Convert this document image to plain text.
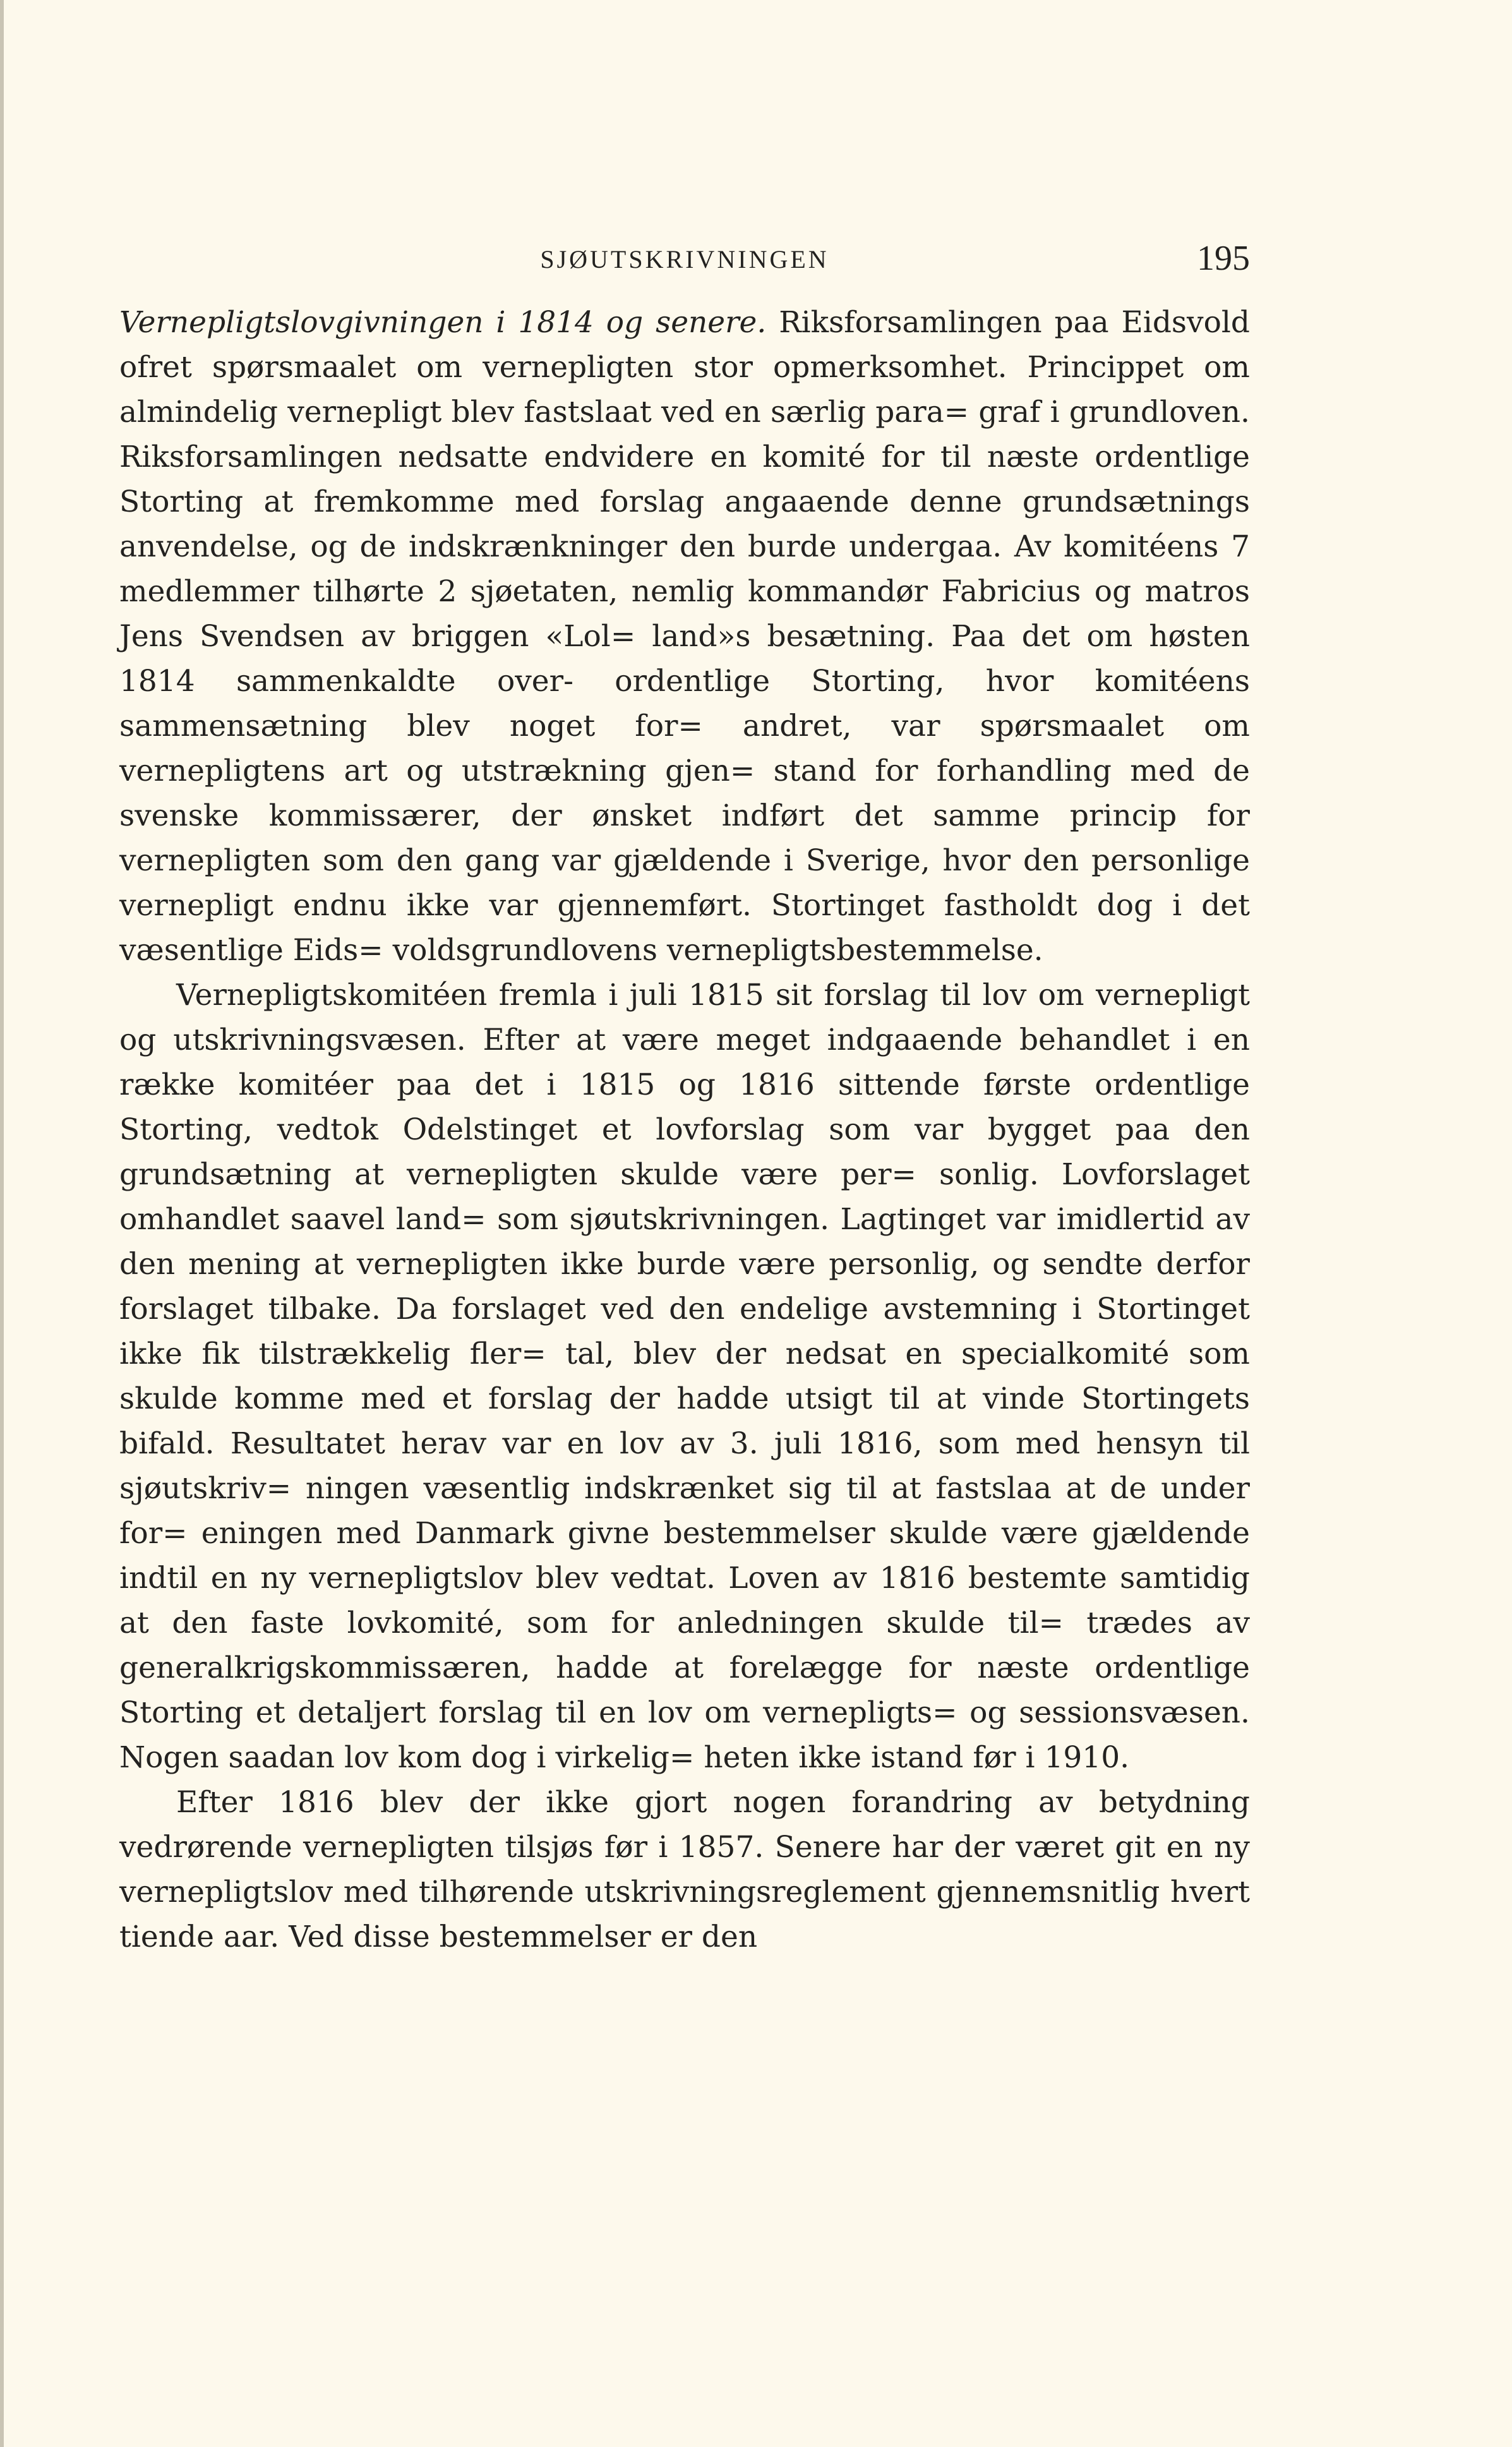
SJØUTSKRIVNINGEN	195

Vernepligtslovgivningen i 1814 og senere. Riksforsamlingen paa Eidsvold ofret spørsmaalet om vernepligten stor opmerksomhet. Princippet om almindelig vernepligt blev fastslaat ved en særlig para= graf i grundloven. Riksforsamlingen nedsatte endvidere en komité for til næste ordentlige Storting at fremkomme med forslag angaaende denne grundsætnings anvendelse, og de indskrænkninger den burde undergaa. Av komitéens 7 medlemmer tilhørte 2 sjøetaten, nemlig kommandør Fabricius og matros Jens Svendsen av briggen «Lol= land»s besætning. Paa det om høsten 1814 sammenkaldte over- ordentlige Storting, hvor komitéens sammensætning blev noget for= andret, var spørsmaalet om vernepligtens art og utstrækning gjen= stand for forhandling med de svenske kommissærer, der ønsket indført det samme princip for vernepligten som den gang var gjældende i Sverige, hvor den personlige vernepligt endnu ikke var gjennemført. Stortinget fastholdt dog i det væsentlige Eids= voldsgrundlovens vernepligtsbestemmelse.

Vernepligtskomitéen fremla i juli 1815 sit forslag til lov om vernepligt og utskrivningsvæsen. Efter at være meget indgaaende behandlet i en række komitéer paa det i 1815 og 1816 sittende første ordentlige Storting, vedtok Odelstinget et lovforslag som var bygget paa den grundsætning at vernepligten skulde være per= sonlig. Lovforslaget omhandlet saavel land= som sjøutskrivningen. Lagtinget var imidlertid av den mening at vernepligten ikke burde være personlig, og sendte derfor forslaget tilbake. Da forslaget ved den endelige avstemning i Stortinget ikke fik tilstrækkelig fler= tal, blev der nedsat en specialkomité som skulde komme med et forslag der hadde utsigt til at vinde Stortingets bifald. Resultatet herav var en lov av 3. juli 1816, som med hensyn til sjøutskriv= ningen væsentlig indskrænket sig til at fastslaa at de under for= eningen med Danmark givne bestemmelser skulde være gjældende indtil en ny vernepligtslov blev vedtat. Loven av 1816 bestemte samtidig at den faste lovkomité, som for anledningen skulde til= trædes av generalkrigskommissæren, hadde at forelægge for næste ordentlige Storting et detaljert forslag til en lov om vernepligts= og sessionsvæsen. Nogen saadan lov kom dog i virkelig= heten ikke istand før i 1910.

Efter 1816 blev der ikke gjort nogen forandring av betydning vedrørende vernepligten tilsjøs før i 1857. Senere har der været git en ny vernepligtslov med tilhørende utskrivningsreglement gjennemsnitlig hvert tiende aar. Ved disse bestemmelser er den
